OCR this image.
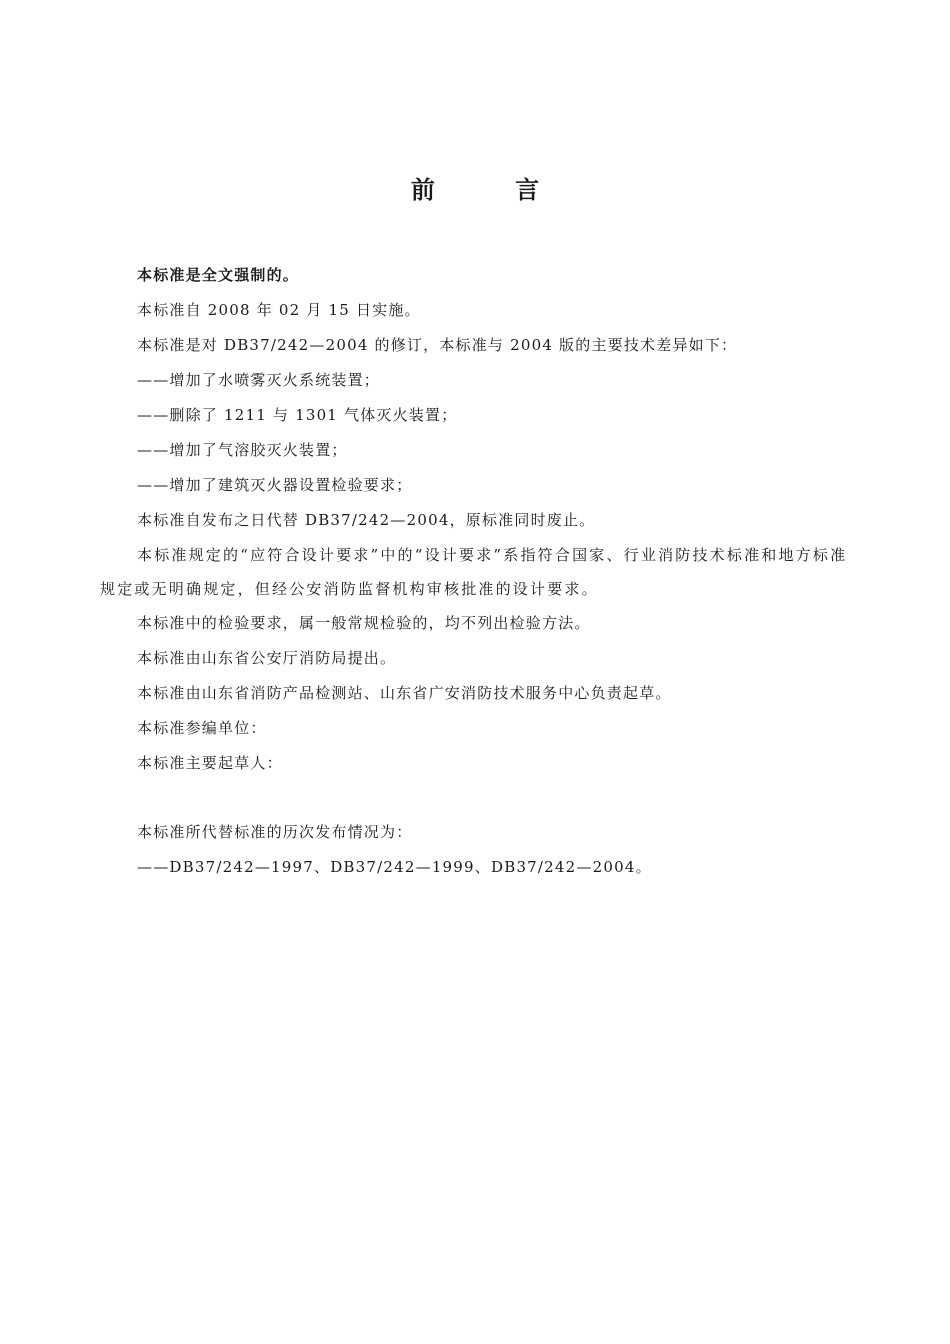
前 言

本标准是全文强制的。

本标准自 2008 年 02 月 15 日实施。

本标准是对 DB37/242—2004 的修订，本标准与 2004 版的主要技术差异如下：

——增加了水喷雾灭火系统装置；

——删除了 1211 与 1301 气体灭火装置；

——增加了气溶胶灭火装置；

——增加了建筑灭火器设置检验要求；

本标准自发布之日代替 DB37/242—2004，原标准同时废止。

本标准规定的“应符合设计要求”中的“设计要求”系指符合国家、行业消防技术标准和地方标准规定或无明确规定，但经公安消防监督机构审核批准的设计要求。

本标准中的检验要求，属一般常规检验的，均不列出检验方法。

本标准由山东省公安厅消防局提出。

本标准由山东省消防产品检测站、山东省广安消防技术服务中心负责起草。

本标准参编单位：

本标准主要起草人：

本标准所代替标准的历次发布情况为：

——DB37/242—1997、DB37/242—1999、DB37/242—2004。
